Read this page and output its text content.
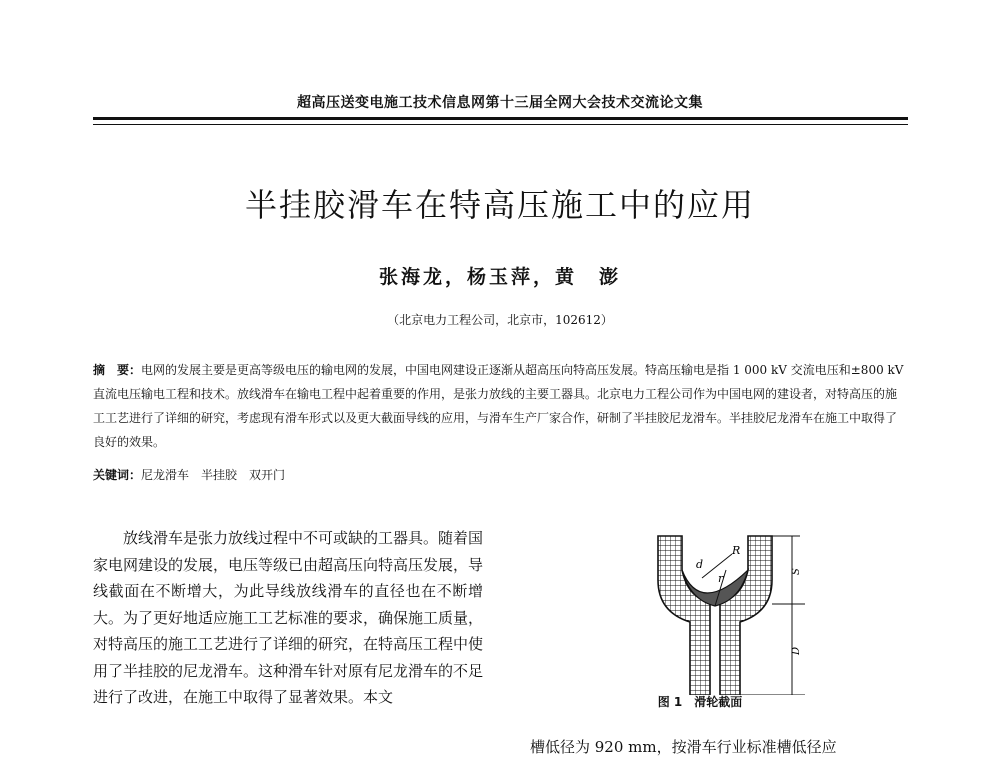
超高压送变电施工技术信息网第十三届全网大会技术交流论文集
半挂胶滑车在特高压施工中的应用
张海龙，杨玉萍，黄　澎
（北京电力工程公司，北京市，102612）
摘　要：电网的发展主要是更高等级电压的输电网的发展，中国电网建设正逐渐从超高压向特高压发展。特高压输电是指 1 000 kV 交流电压和±800 kV 直流电压输电工程和技术。放线滑车在输电工程中起着重要的作用，是张力放线的主要工器具。北京电力工程公司作为中国电网的建设者，对特高压的施工工艺进行了详细的研究，考虑现有滑车形式以及更大截面导线的应用，与滑车生产厂家合作，研制了半挂胶尼龙滑车。半挂胶尼龙滑车在施工中取得了良好的效果。
关键词：尼龙滑车　半挂胶　双开门
放线滑车是张力放线过程中不可或缺的工器具。随着国家电网建设的发展，电压等级已由超高压向特高压发展，导线截面在不断增大，为此导线放线滑车的直径也在不断增大。为了更好地适应施工工艺标准的要求，确保施工质量，对特高压的施工工艺进行了详细的研究，在特高压工程中使用了半挂胶的尼龙滑车。这种滑车针对原有尼龙滑车的不足进行了改进，在施工中取得了显著效果。本文
d
R
r
S
D
图 1　滑轮截面
槽低径为 920 mm，按滑车行业标准槽低径应
